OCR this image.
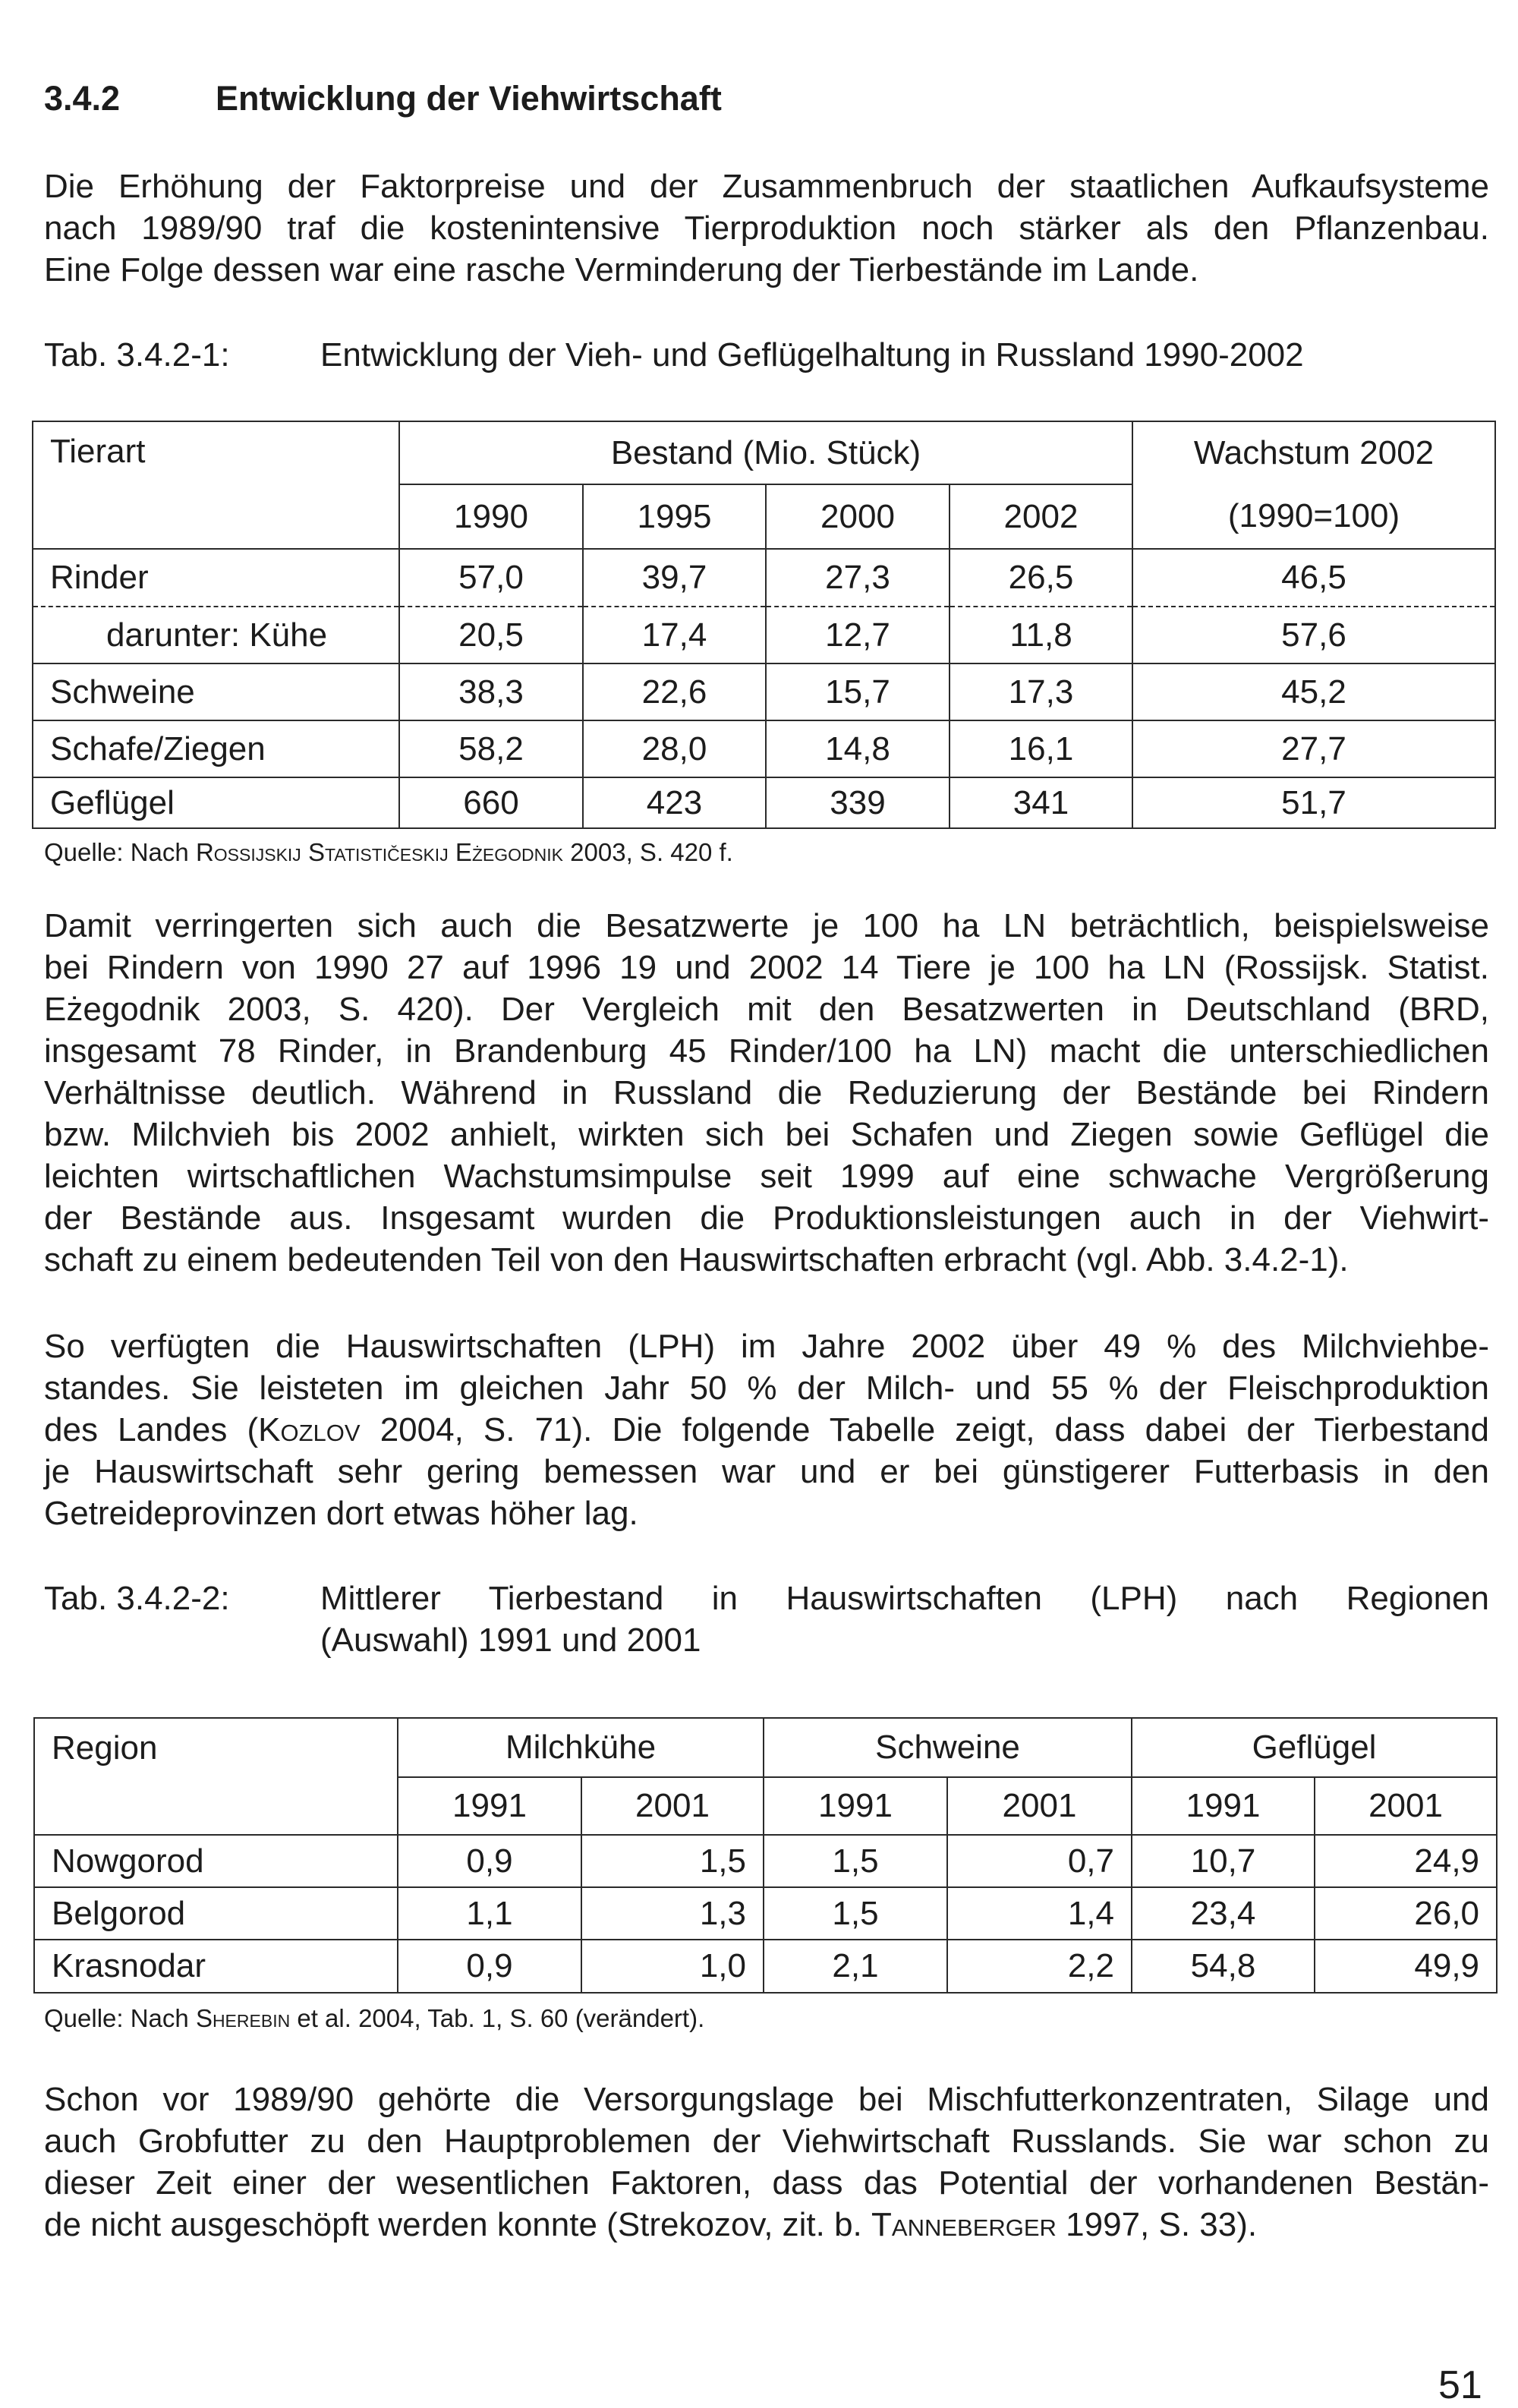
3.4.2	Entwicklung der Viehwirtschaft
Die Erhöhung der Faktorpreise und der Zusammenbruch der staatlichen Aufkaufsysteme
nach 1989/90 traf die kostenintensive Tierproduktion noch stärker als den Pflanzenbau.
Eine Folge dessen war eine rasche Verminderung der Tierbestände im Lande.
Tab. 3.4.2-1:	Entwicklung der Vieh- und Geflügelhaltung in Russland 1990-2002
Tierart	Bestand (Mio. Stück)				Wachstum 2002
	1990	1995	2000	2002	(1990=100)
Rinder	57,0	39,7	27,3	26,5	46,5
darunter: Kühe	20,5	17,4	12,7	11,8	57,6
Schweine	38,3	22,6	15,7	17,3	45,2
Schafe/Ziegen	58,2	28,0	14,8	16,1	27,7
Geflügel	660	423	339	341	51,7
Quelle: Nach Rossijskij Statističeskij Eżegodnik 2003, S. 420 f.
Damit verringerten sich auch die Besatzwerte je 100 ha LN beträchtlich, beispielsweise
bei Rindern von 1990 27 auf 1996 19 und 2002 14 Tiere je 100 ha LN (Rossijsk. Statist.
Eżegodnik 2003, S. 420). Der Vergleich mit den Besatzwerten in Deutschland (BRD,
insgesamt 78 Rinder, in Brandenburg 45 Rinder/100 ha LN) macht die unterschiedlichen
Verhältnisse deutlich. Während in Russland die Reduzierung der Bestände bei Rindern
bzw. Milchvieh bis 2002 anhielt, wirkten sich bei Schafen und Ziegen sowie Geflügel die
leichten wirtschaftlichen Wachstumsimpulse seit 1999 auf eine schwache Vergrößerung
der Bestände aus. Insgesamt wurden die Produktionsleistungen auch in der Viehwirt-
schaft zu einem bedeutenden Teil von den Hauswirtschaften erbracht (vgl. Abb. 3.4.2-1).
So verfügten die Hauswirtschaften (LPH) im Jahre 2002 über 49 % des Milchviehbe-
standes. Sie leisteten im gleichen Jahr 50 % der Milch- und 55 % der Fleischproduktion
des Landes (Kozlov 2004, S. 71). Die folgende Tabelle zeigt, dass dabei der Tierbestand
je Hauswirtschaft sehr gering bemessen war und er bei günstigerer Futterbasis in den
Getreideprovinzen dort etwas höher lag.
Tab. 3.4.2-2:	Mittlerer Tierbestand in Hauswirtschaften (LPH) nach Regionen
(Auswahl) 1991 und 2001
Region	Milchkühe		Schweine		Geflügel	
	1991	2001	1991	2001	1991	2001
Nowgorod	0,9	1,5	1,5	0,7	10,7	24,9
Belgorod	1,1	1,3	1,5	1,4	23,4	26,0
Krasnodar	0,9	1,0	2,1	2,2	54,8	49,9
Quelle: Nach Sherebin et al. 2004, Tab. 1, S. 60 (verändert).
Schon vor 1989/90 gehörte die Versorgungslage bei Mischfutterkonzentraten, Silage und
auch Grobfutter zu den Hauptproblemen der Viehwirtschaft Russlands. Sie war schon zu
dieser Zeit einer der wesentlichen Faktoren, dass das Potential der vorhandenen Bestän-
de nicht ausgeschöpft werden konnte (Strekozov, zit. b. Tanneberger 1997, S. 33).
51
